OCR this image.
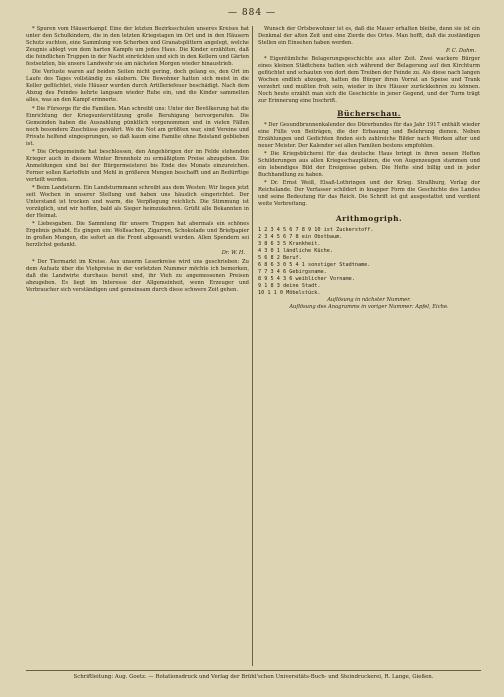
— 884 —

* Spuren vom Häuserkampf. Eine der letzten Bezirksschulen unseres Kreises hat unter den Schulkindern, die in den letzten Kriegstagen im Ort und in den Häusern Schutz suchten, eine Sammlung von Scherben und Granatsplittern angelegt, welche Zeugnis ablegt von dem harten Kampfe um jedes Haus. Die Kinder erzählten, daß die feindlichen Truppen in der Nacht einrückten und sich in den Kellern und Gärten festsetzten, bis unsere Landwehr sie am nächsten Morgen wieder hinaustrieb.

Die Verluste waren auf beiden Seiten nicht gering, doch gelang es, den Ort im Laufe des Tages vollständig zu säubern. Die Bewohner hatten sich meist in die Keller geflüchtet, viele Häuser wurden durch Artilleriefeuer beschädigt. Nach dem Abzug des Feindes kehrte langsam wieder Ruhe ein, und die Kinder sammelten alles, was an den Kampf erinnerte.

* Die Fürsorge für die Familien. Man schreibt uns: Unter der Bevölkerung hat die Einrichtung der Kriegsunterstützung große Beruhigung hervorgerufen. Die Gemeinden haben die Auszahlung pünktlich vorgenommen und in vielen Fällen noch besondere Zuschüsse gewährt. Wo die Not am größten war, sind Vereine und Private helfend eingesprungen, so daß kaum eine Familie ohne Beistand geblieben ist.

* Die Ortsgemeinde hat beschlossen, den Angehörigen der im Felde stehenden Krieger auch in diesem Winter Brennholz zu ermäßigtem Preise abzugeben. Die Anmeldungen sind bei der Bürgermeisterei bis Ende des Monats einzureichen. Ferner sollen Kartoffeln und Mehl in größeren Mengen beschafft und an Bedürftige verteilt werden.

* Beim Landsturm. Ein Landsturmmann schreibt aus dem Westen: Wir liegen jetzt seit Wochen in unserer Stellung und haben uns häuslich eingerichtet. Der Unterstand ist trocken und warm, die Verpflegung reichlich. Die Stimmung ist vorzüglich, und wir hoffen, bald als Sieger heimzukehren. Grüßt alle Bekannten in der Heimat.

* Liebesgaben. Die Sammlung für unsere Truppen hat abermals ein schönes Ergebnis gehabt. Es gingen ein: Wollsachen, Zigarren, Schokolade und Briefpapier in großen Mengen, die sofort an die Front abgesandt wurden. Allen Spendern sei herzlichst gedankt.

Dr. W. H.

* Der Tiermarkt im Kreise. Aus unserm Leserkreise wird uns geschrieben: Zu dem Aufsatz über die Viehpreise in der vorletzten Nummer möchte ich bemerken, daß die Landwirte durchaus bereit sind, ihr Vieh zu angemessenen Preisen abzugeben. Es liegt im Interesse der Allgemeinheit, wenn Erzeuger und Verbraucher sich verständigen und gemeinsam durch diese schwere Zeit gehen.

Wunsch der Ortsbewohner ist es, daß die Mauer erhalten bleibe, denn sie ist ein Denkmal der alten Zeit und eine Zierde des Ortes. Man hofft, daß die zuständigen Stellen ein Einsehen haben werden.

P. C. Dahm.

* Eigentümliche Belagerungsgeschichte aus alter Zeit. Zwei wackere Bürger eines kleinen Städtchens hatten sich während der Belagerung auf den Kirchturm geflüchtet und schauten von dort dem Treiben der Feinde zu. Als diese nach langen Wochen endlich abzogen, hatten die Bürger ihren Vorrat an Speise und Trank verzehrt und mußten froh sein, wieder in ihre Häuser zurückkehren zu können. Noch heute erzählt man sich die Geschichte in jener Gegend, und der Turm trägt zur Erinnerung eine Inschrift.

Bücherschau.

* Der Gesundbrunnenkalender des Dürerbundes für das Jahr 1917 enthält wieder eine Fülle von Beiträgen, die der Erbauung und Belehrung dienen. Neben Erzählungen und Gedichten finden sich zahlreiche Bilder nach Werken alter und neuer Meister. Der Kalender sei allen Familien bestens empfohlen.

* Die Kriegsbücherei für das deutsche Haus bringt in ihren neuen Heften Schilderungen aus allen Kriegsschauplätzen, die von Augenzeugen stammen und ein lebendiges Bild der Ereignisse geben. Die Hefte sind billig und in jeder Buchhandlung zu haben.

* Dr. Ernst Weiß, Elsaß-Lothringen und der Krieg. Straßburg, Verlag der Reichslande. Der Verfasser schildert in knapper Form die Geschichte des Landes und seine Bedeutung für das Reich. Die Schrift ist gut ausgestattet und verdient weite Verbreitung.

Arithmogriph.
1 2 3 4 5 6 7 8 9 10 ist Zuckerstoff.
2 3 4 5 6 7 8 ein Obstbaum.
3 8 6 3 5 Krankheit.
4 3 0 1 ländliche Küche.
5 6 8 2 Beruf.
6 8 6 3 0 5 4 1 sonstiger Stadtname.
7 7 3 4 6 Gebirgsname.
8 9 5 4 3 6 weiblicher Vorname.
9 1 8 3 deine Stadt.
10 1 1 0 Möbelstück.
Auflösung in nächster Nummer.
Auflösung des Anagramms in voriger Nummer: Apfel, Eiche.
Schriftleitung: Aug. Goetz. — Rotationsdruck und Verlag der Brühl'schen Universitäts-Buch- und Steindruckerei, R. Lange, Gießen.
